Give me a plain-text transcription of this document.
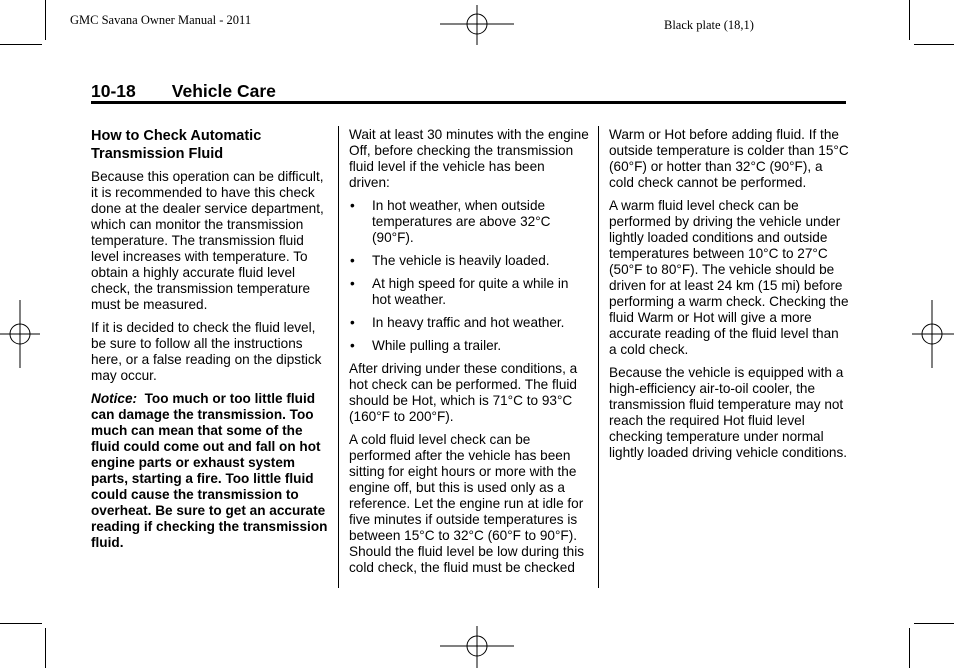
GMC Savana Owner Manual - 2011	Black plate (18,1)
10-18 Vehicle Care
How to Check Automatic Transmission Fluid

Because this operation can be difficult, it is recommended to have this check done at the dealer service department, which can monitor the transmission temperature. The transmission fluid level increases with temperature. To obtain a highly accurate fluid level check, the transmission temperature must be measured.

If it is decided to check the fluid level, be sure to follow all the instructions here, or a false reading on the dipstick may occur.

Notice: Too much or too little fluid can damage the transmission. Too much can mean that some of the fluid could come out and fall on hot engine parts or exhaust system parts, starting a fire. Too little fluid could cause the transmission to overheat. Be sure to get an accurate reading if checking the transmission fluid.

Wait at least 30 minutes with the engine Off, before checking the transmission fluid level if the vehicle has been driven:

• In hot weather, when outside temperatures are above 32°C (90°F).
• The vehicle is heavily loaded.
• At high speed for quite a while in hot weather.
• In heavy traffic and hot weather.
• While pulling a trailer.

After driving under these conditions, a hot check can be performed. The fluid should be Hot, which is 71°C to 93°C (160°F to 200°F).

A cold fluid level check can be performed after the vehicle has been sitting for eight hours or more with the engine off, but this is used only as a reference. Let the engine run at idle for five minutes if outside temperatures is between 15°C to 32°C (60°F to 90°F). Should the fluid level be low during this cold check, the fluid must be checked

Warm or Hot before adding fluid. If the outside temperature is colder than 15°C (60°F) or hotter than 32°C (90°F), a cold check cannot be performed.

A warm fluid level check can be performed by driving the vehicle under lightly loaded conditions and outside temperatures between 10°C to 27°C (50°F to 80°F). The vehicle should be driven for at least 24 km (15 mi) before performing a warm check. Checking the fluid Warm or Hot will give a more accurate reading of the fluid level than a cold check.

Because the vehicle is equipped with a high-efficiency air-to-oil cooler, the transmission fluid temperature may not reach the required Hot fluid level checking temperature under normal lightly loaded driving vehicle conditions.
